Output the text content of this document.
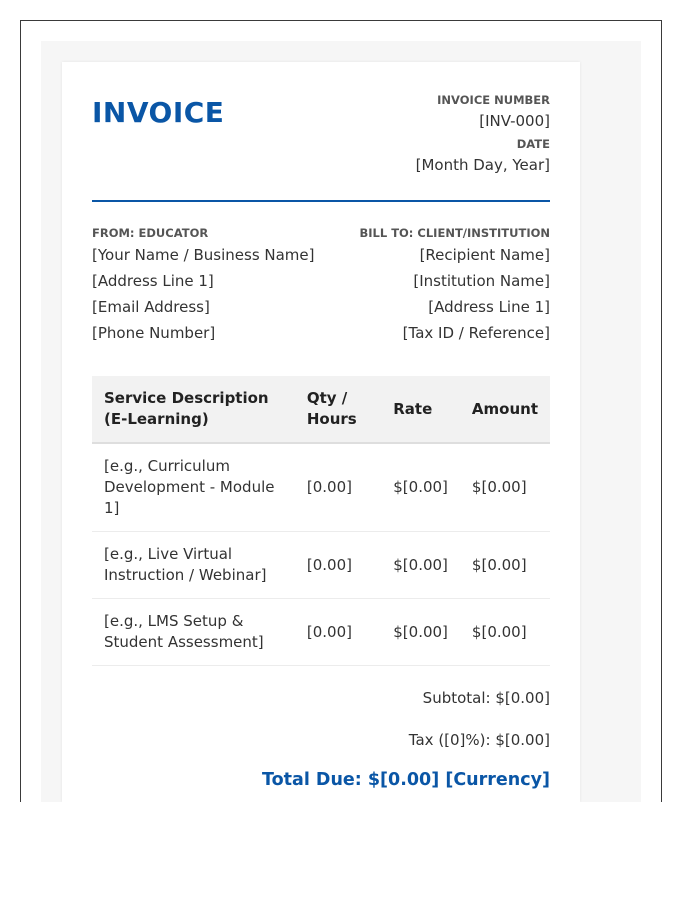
INVOICE	INVOICE NUMBER
[INV-000]
DATE
[Month Day, Year]
FROM: EDUCATOR
[Your Name / Business Name]
[Address Line 1]
[Email Address]
[Phone Number]
BILL TO: CLIENT/INSTITUTION
[Recipient Name]
[Institution Name]
[Address Line 1]
[Tax ID / Reference]
Service Description (E-Learning)	Qty / Hours	Rate	Amount
[e.g., Curriculum Development - Module 1]	[0.00]	$[0.00]	$[0.00]
[e.g., Live Virtual Instruction / Webinar]	[0.00]	$[0.00]	$[0.00]
[e.g., LMS Setup & Student Assessment]	[0.00]	$[0.00]	$[0.00]
Subtotal: $[0.00]
Tax ([0]%): $[0.00]
Total Due: $[0.00] [Currency]
